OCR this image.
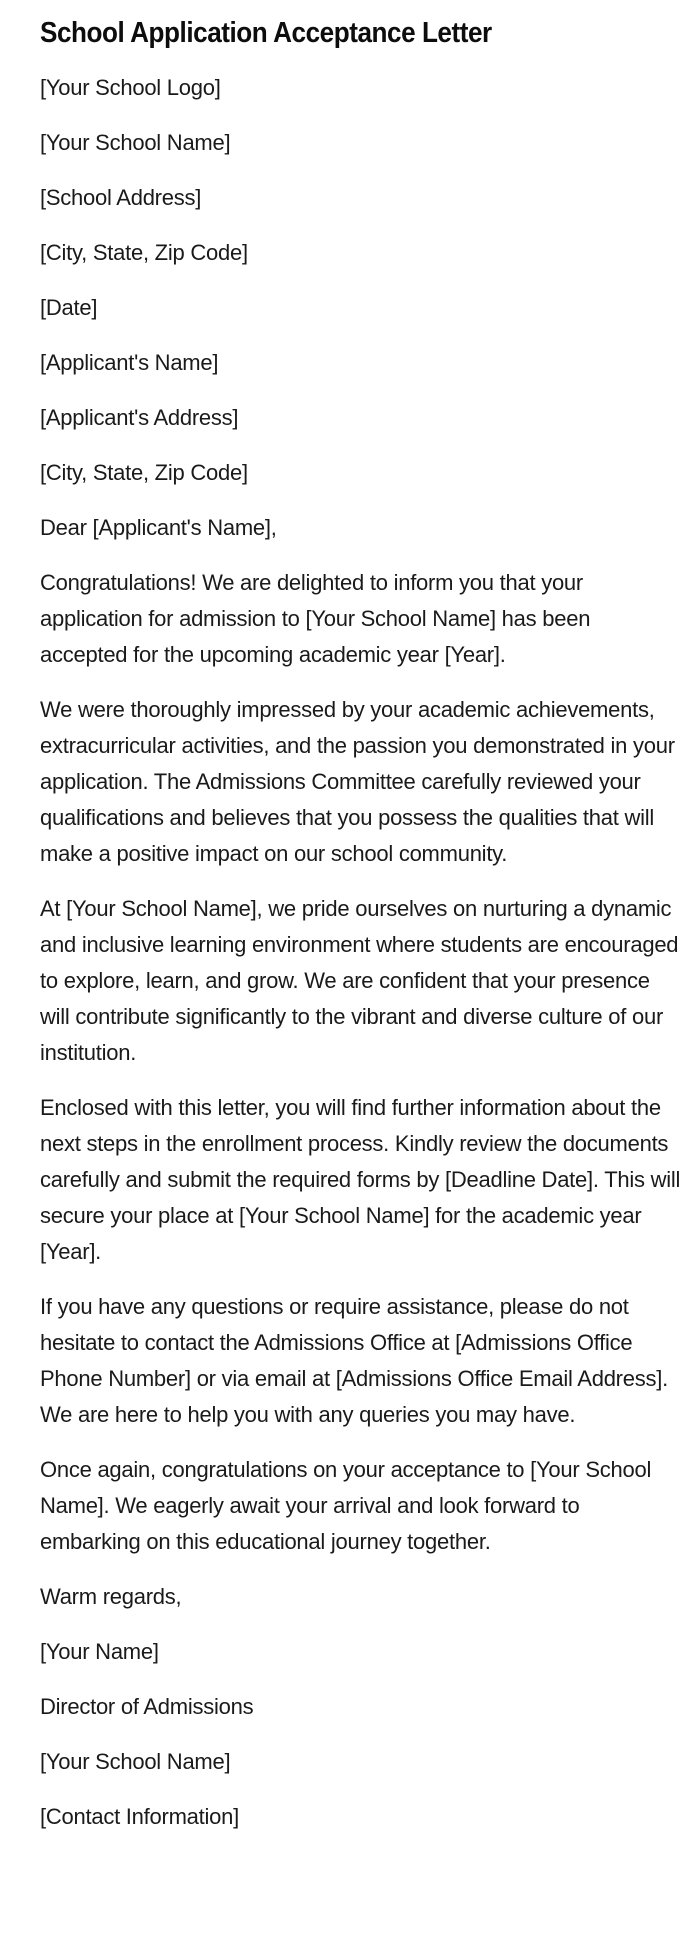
School Application Acceptance Letter

[Your School Logo]

[Your School Name]

[School Address]

[City, State, Zip Code]

[Date]

[Applicant's Name]

[Applicant's Address]

[City, State, Zip Code]

Dear [Applicant's Name],

Congratulations! We are delighted to inform you that your application for admission to [Your School Name] has been accepted for the upcoming academic year [Year].

We were thoroughly impressed by your academic achievements, extracurricular activities, and the passion you demonstrated in your application. The Admissions Committee carefully reviewed your qualifications and believes that you possess the qualities that will make a positive impact on our school community.

At [Your School Name], we pride ourselves on nurturing a dynamic and inclusive learning environment where students are encouraged to explore, learn, and grow. We are confident that your presence will contribute significantly to the vibrant and diverse culture of our institution.

Enclosed with this letter, you will find further information about the next steps in the enrollment process. Kindly review the documents carefully and submit the required forms by [Deadline Date]. This will secure your place at [Your School Name] for the academic year [Year].

If you have any questions or require assistance, please do not hesitate to contact the Admissions Office at [Admissions Office Phone Number] or via email at [Admissions Office Email Address]. We are here to help you with any queries you may have.

Once again, congratulations on your acceptance to [Your School Name]. We eagerly await your arrival and look forward to embarking on this educational journey together.

Warm regards,

[Your Name]

Director of Admissions

[Your School Name]

[Contact Information]
